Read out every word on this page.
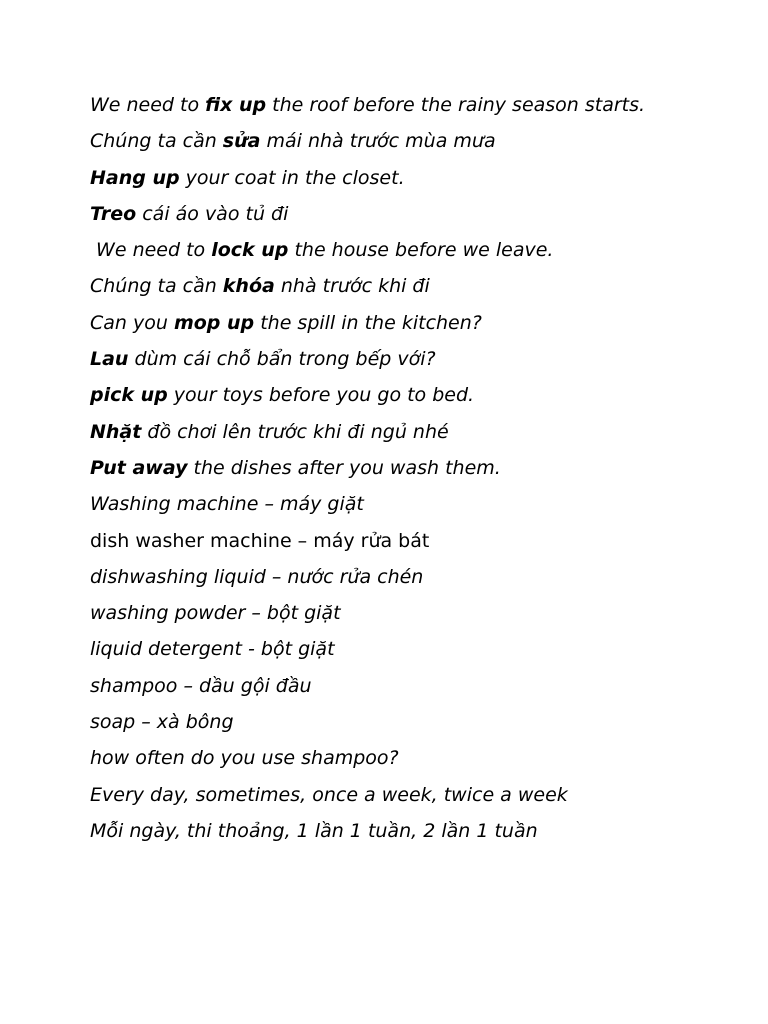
We need to fix up the roof before the rainy season starts.

Chúng ta cần sửa mái nhà trước mùa mưa

Hang up your coat in the closet.

Treo cái áo vào tủ đi

We need to lock up the house before we leave.

Chúng ta cần khóa nhà trước khi đi

Can you mop up the spill in the kitchen?

Lau dùm cái chỗ bẩn trong bếp với?

pick up your toys before you go to bed.

Nhặt đồ chơi lên trước khi đi ngủ nhé

Put away the dishes after you wash them.

Washing machine – máy giặt

dish washer machine – máy rửa bát

dishwashing liquid – nước rửa chén

washing powder – bột giặt

liquid detergent - bột giặt

shampoo – dầu gội đầu

soap – xà bông

how often do you use shampoo?

Every day, sometimes, once a week, twice a week

Mỗi ngày, thi thoảng, 1 lần 1 tuần, 2 lần 1 tuần
